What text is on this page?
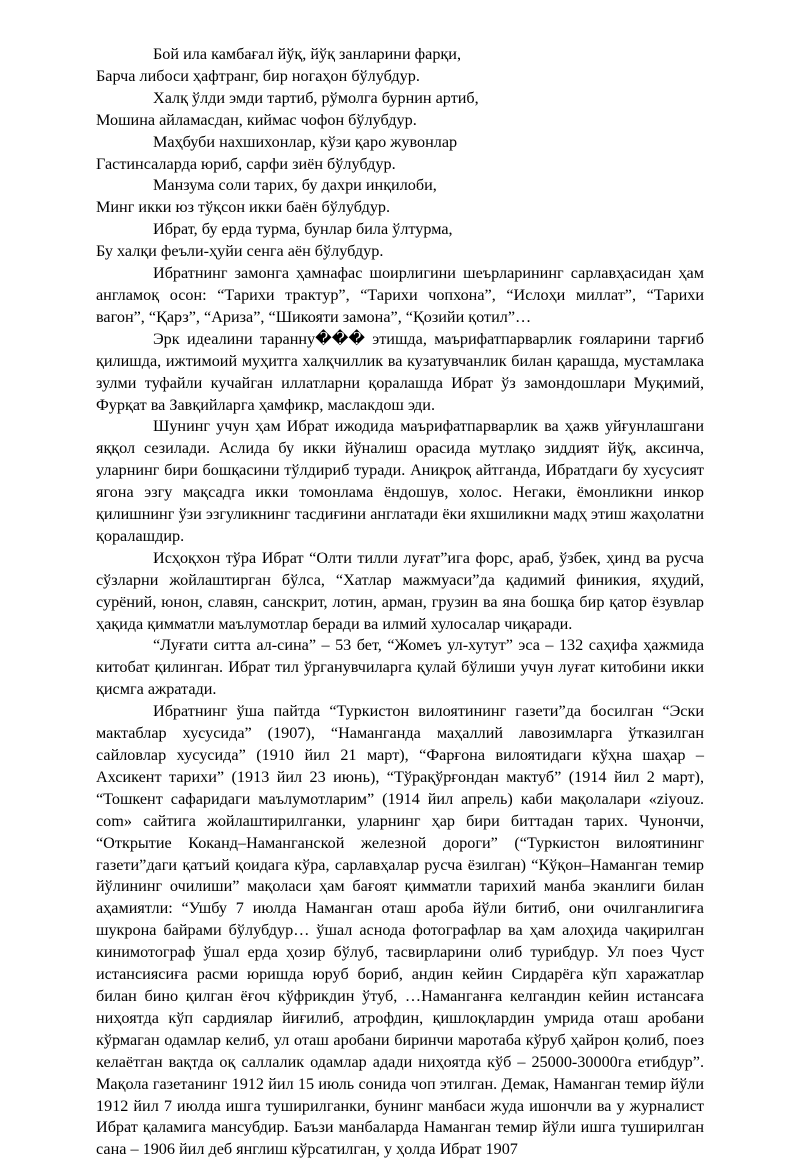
Бой ила камбағал йўқ, йўқ занларини фарқи,

Барча либоси ҳафтранг, бир ногаҳон бўлубдур.

Халқ ўлди эмди тартиб, рўмолга бурнин артиб,

Мошина айламасдан, киймас чофон бўлубдур.

Маҳбуби нахшихонлар, кўзи қаро жувонлар

Гастинсаларда юриб, сарфи зиён бўлубдур.

Манзума соли тарих, бу дахри инқилоби,

Минг икки юз тўқсон икки баён бўлубдур.

Ибрат, бу ерда турма, бунлар била ўлтурма,

Бу халқи феъли-ҳуйи сенга аён бўлубдур.

Ибратнинг замонга ҳамнафас шоирлигини шеърларининг сарлавҳасидан ҳам англамоқ осон: “Тарихи трактур”, “Тарихи чопхона”, “Ислоҳи миллат”, “Тарихи вагон”, “Қарз”, “Ариза”, “Шикояти замона”, “Қозийи қотил”…

Эрк идеалини таранну��� этишда, маърифатпарварлик ғояларини тарғиб қилишда, ижтимоий муҳитга халқчиллик ва кузатувчанлик билан қарашда, мустамлака зулми туфайли кучайган иллатларни қоралашда Ибрат ўз замондошлари Муқимий, Фурқат ва Завқийларга ҳамфикр, маслакдош эди.

Шунинг учун ҳам Ибрат ижодида маърифатпарварлик ва ҳажв уйғунлашгани яққол сезилади. Аслида бу икки йўналиш орасида мутлақо зиддият йўқ, аксинча, уларнинг бири бошқасини тўлдириб туради. Аниқроқ айтганда, Ибратдаги бу хусусият ягона эзгу мақсадга икки томонлама ёндошув, холос. Негаки, ёмонликни инкор қилишнинг ўзи эзгуликнинг тасдиғини англатади ёки яхшиликни мадҳ этиш жаҳолатни қоралашдир.

Исҳоқхон тўра Ибрат “Олти тилли луғат”ига форс, араб, ўзбек, ҳинд ва русча сўзларни жойлаштирган бўлса, “Хатлар мажмуаси”да қадимий финикия, яҳудий, сурёний, юнон, славян, санскрит, лотин, арман, грузин ва яна бошқа бир қатор ёзувлар ҳақида қимматли маълумотлар беради ва илмий хулосалар чиқаради.

“Луғати ситта ал-сина” – 53 бет, “Жомеъ ул-хутут” эса – 132 саҳифа ҳажмида китобат қилинган. Ибрат тил ўрганувчиларга қулай бўлиши учун луғат китобини икки қисмга ажратади.

Ибратнинг ўша пайтда “Туркистон вилоятининг газети”да босилган “Эски мактаблар хусусида” (1907), “Наманганда маҳаллий лавозимларга ўтказилган сайловлар хусусида” (1910 йил 21 март), “Фарғона вилоятидаги кўҳна шаҳар – Ахсикент тарихи” (1913 йил 23 июнь), “Тўрақўрғондан мактуб” (1914 йил 2 март), “Тошкент сафаридаги маълумотларим” (1914 йил апрель) каби мақолалари «ziyouz. com» сайтига жойлаштирилганки, уларнинг ҳар бири биттадан тарих. Чунончи, “Открытие Коканд–Наманганской железной дороги” (“Туркистон вилоятининг газети”даги қатъий қоидага кўра, сарлавҳалар русча ёзилган) “Кўқон–Наманган темир йўлининг очилиши” мақоласи ҳам бағоят қимматли тарихий манба эканлиги билан аҳамиятли: “Ушбу 7 июлда Наманган оташ ароба йўли битиб, они очилганлигиға шукрона байрами бўлубдур… ўшал аснода фотографлар ва ҳам алоҳида чақирилган кинимотограф ўшал ерда ҳозир бўлуб, тасвирларини олиб турибдур. Ул поез Чуст истансиясиға расми юришда юруб бориб, андин кейин Сирдарёга кўп харажатлар билан бино қилган ёғоч кўфрикдин ўтуб, …Наманганға келгандин кейин истансаға ниҳоятда кўп сардиялар йиғилиб, атрофдин, қишлоқлардин умрида оташ аробани кўрмаган одамлар келиб, ул оташ аробани биринчи маротаба кўруб ҳайрон қолиб, поез келаётган вақтда оқ саллалик одамлар адади ниҳоятда кўб – 25000-30000га етибдур”. Мақола газетанинг 1912 йил 15 июль сонида чоп этилган. Демак, Наманган темир йўли 1912 йил 7 июлда ишга туширилганки, бунинг манбаси жуда ишончли ва у журналист Ибрат қаламига мансубдир. Баъзи манбаларда Наманган темир йўли ишга туширилган сана – 1906 йил деб янглиш кўрсатилган, у ҳолда Ибрат 1907
